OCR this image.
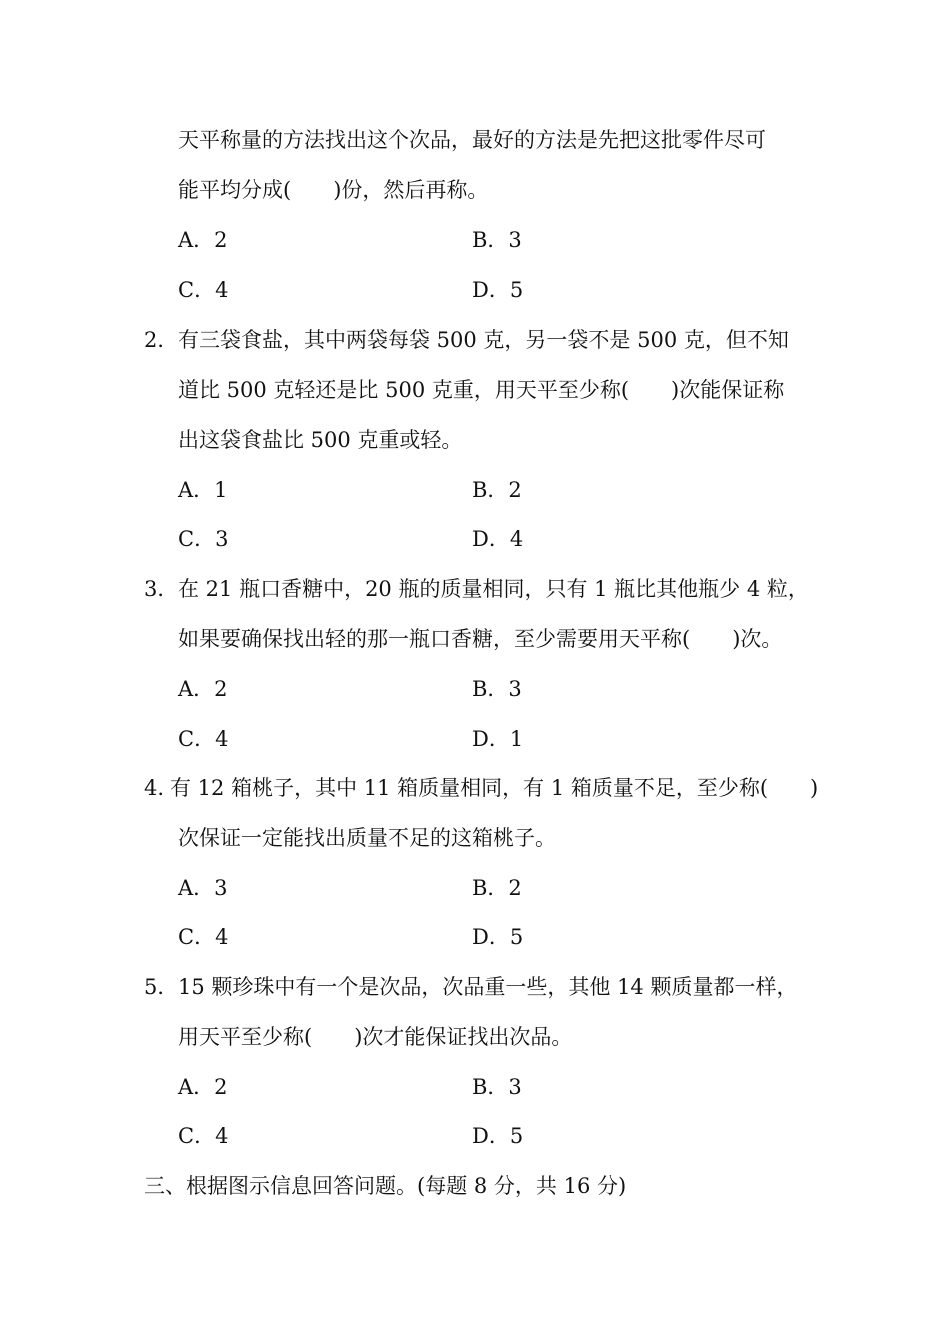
天平称量的方法找出这个次品，最好的方法是先把这批零件尽可
能平均分成(　　)份，然后再称。
A．2	B．3
C．4	D．5
2． 有三袋食盐，其中两袋每袋 500 克，另一袋不是 500 克，但不知
道比 500 克轻还是比 500 克重，用天平至少称(　　)次能保证称
出这袋食盐比 500 克重或轻。
A．1	B．2
C．3	D．4
3． 在 21 瓶口香糖中，20 瓶的质量相同，只有 1 瓶比其他瓶少 4 粒，
如果要确保找出轻的那一瓶口香糖，至少需要用天平称(　　)次。
A．2	B．3
C．4	D．1
4. 有 12 箱桃子，其中 11 箱质量相同，有 1 箱质量不足，至少称(　　)
次保证一定能找出质量不足的这箱桃子。
A．3	B．2
C．4	D．5
5． 15 颗珍珠中有一个是次品，次品重一些，其他 14 颗质量都一样，
用天平至少称(　　)次才能保证找出次品。
A．2	B．3
C．4	D．5
三、根据图示信息回答问题。(每题 8 分，共 16 分)
